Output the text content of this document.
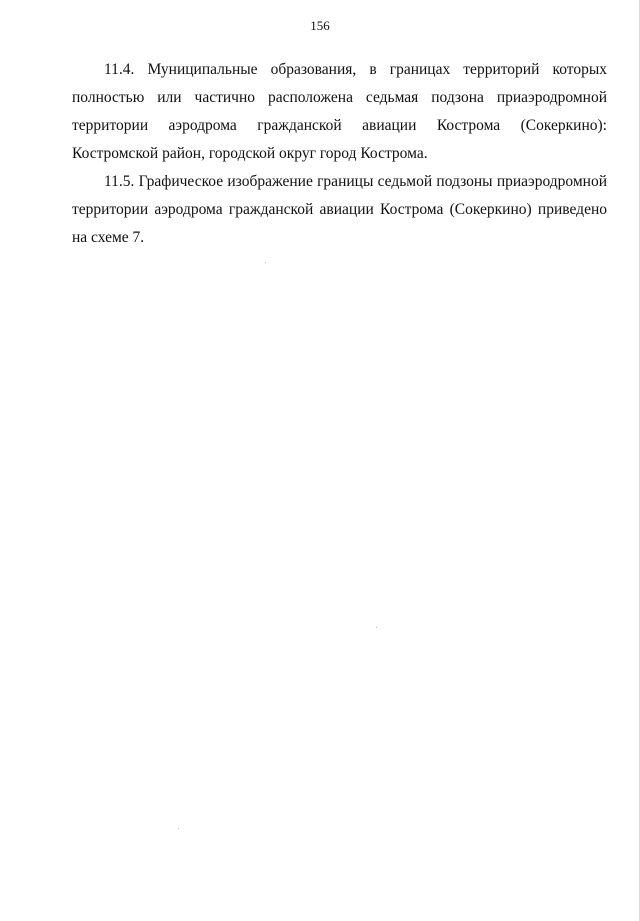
156

11.4. Муниципальные образования, в границах территорий которых полностью или частично расположена седьмая подзона приаэродромной территории аэродрома гражданской авиации Кострома (Сокеркино): Костромской район, городской округ город Кострома.

11.5. Графическое изображение границы седьмой подзоны приаэродромной территории аэродрома гражданской авиации Кострома (Сокеркино) приведено на схеме 7.
